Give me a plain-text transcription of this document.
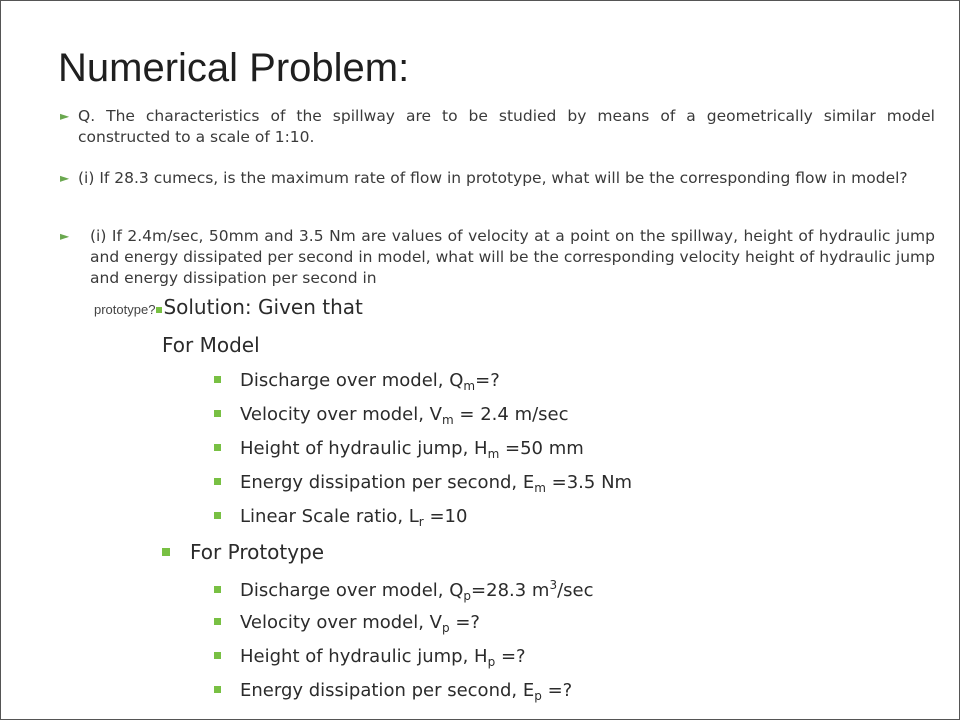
Numerical Problem:
► Q. The characteristics of the spillway are to be studied by means of a geometrically similar model constructed to a scale of 1:10.
► (i) If 28.3 cumecs, is the maximum rate of flow in prototype, what will be the corresponding flow in model?
►	(i) If 2.4m/sec, 50mm and 3.5 Nm are values of velocity at a point on the spillway, height of hydraulic jump and energy dissipated per second in model, what will be the corresponding velocity height of hydraulic jump and energy dissipation per second in
prototype? Solution: Given that
For Model
Discharge over model, $Q_m=$?
Velocity over model, $V_m = 2.4$ m/sec
Height of hydraulic jump, $H_m =50$ mm
Energy dissipation per second, $E_m =3.5$ Nm
Linear Scale ratio, $L_r =10$
For Prototype
Discharge over model, $Q_p=28.3$ $m^3/\sec$
Velocity over model, $V_p$ =?
Height of hydraulic jump, $H_p$ =?
Energy dissipation per second, $E_p$ =?
